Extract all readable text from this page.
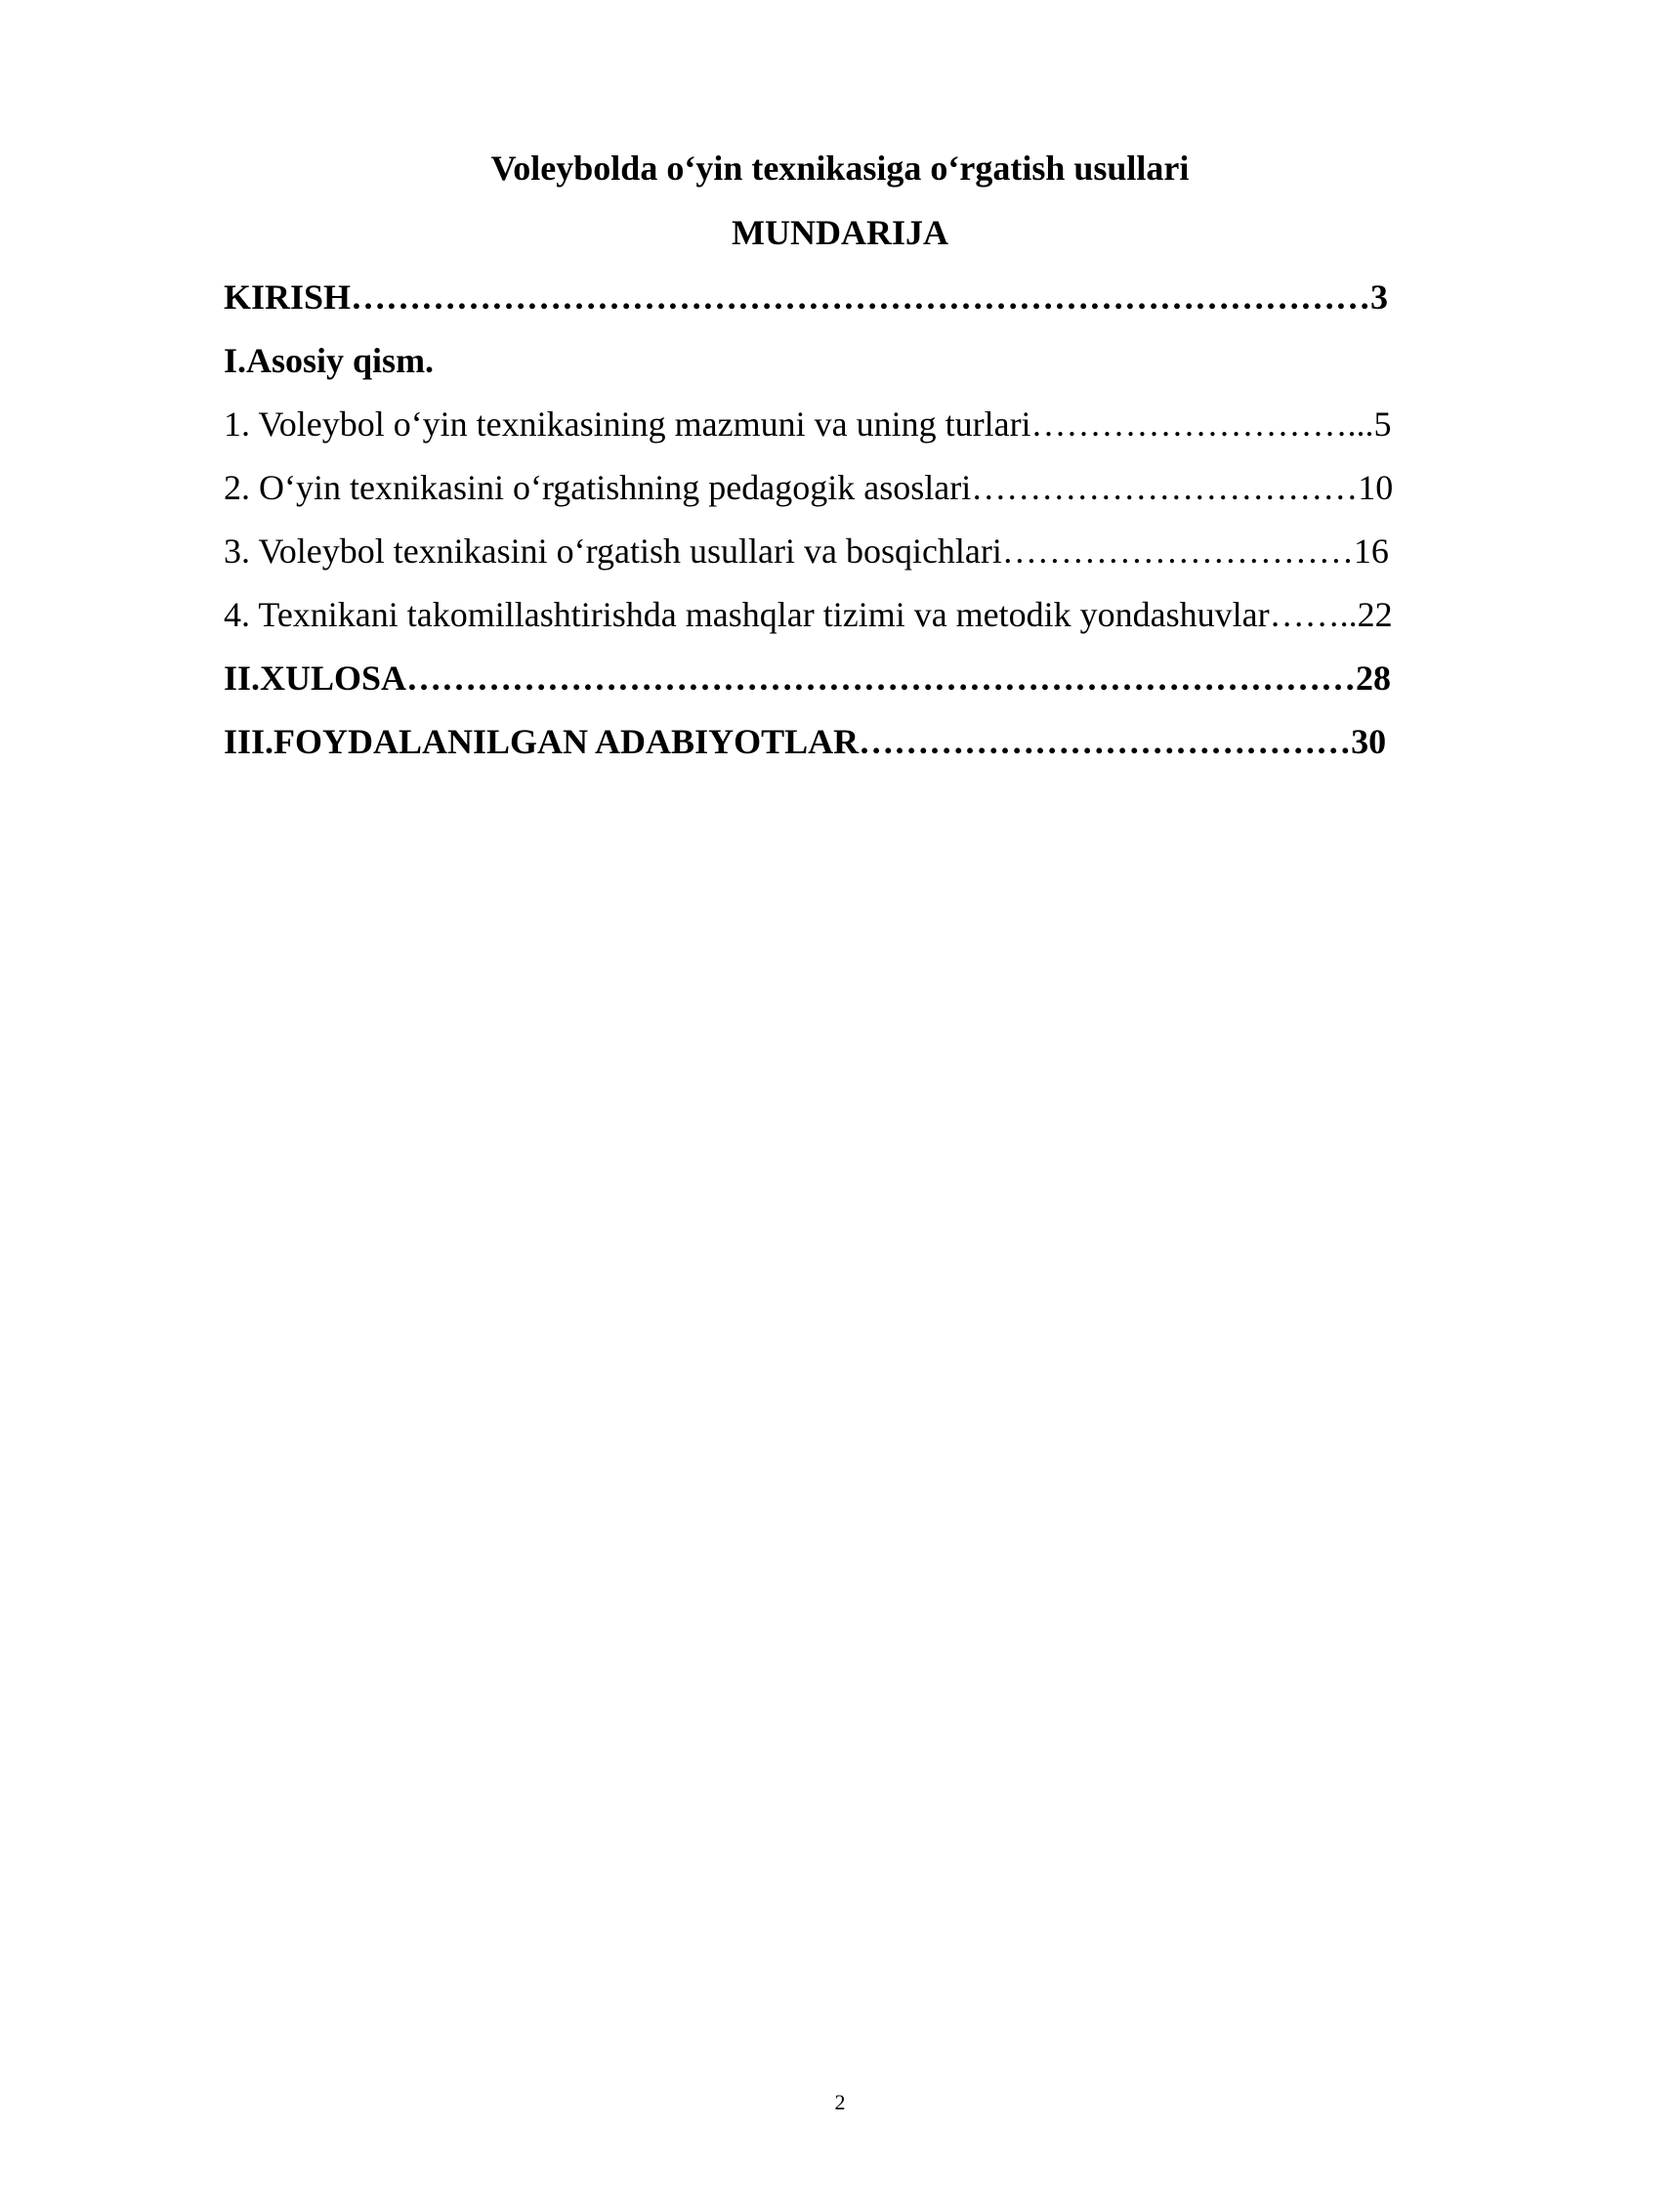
Voleybolda o‘yin texnikasiga o‘rgatish usullari
MUNDARIJA
KIRISH……………………………………………………………………………3
I.Asosiy qism.
1. Voleybol o‘yin texnikasining mazmuni va uning turlari………………………...5
2. O‘yin texnikasini o‘rgatishning pedagogik asoslari……………………………10
3. Voleybol texnikasini o‘rgatish usullari va bosqichlari…………………………16
4. Texnikani takomillashtirishda mashqlar tizimi va metodik yondashuvlar……..22
II.XULOSA………………………………………………………………………28
III.FOYDALANILGAN ADABIYOTLAR……………………………………30
2
